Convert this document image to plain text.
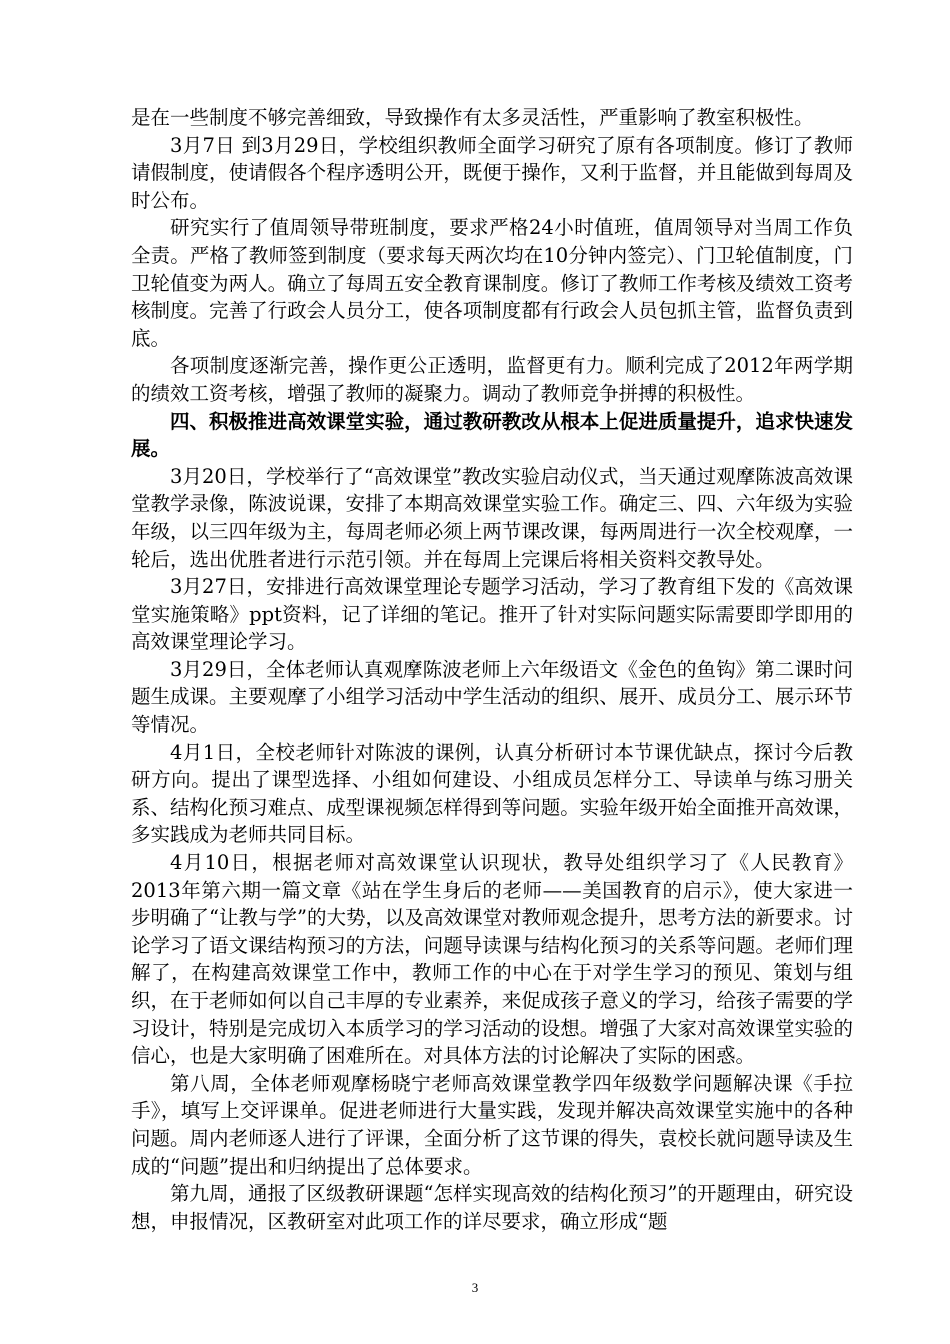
是在一些制度不够完善细致，导致操作有太多灵活性，严重影响了教室积极性。

3月7日 到3月29日，学校组织教师全面学习研究了原有各项制度。修订了教师请假制度，使请假各个程序透明公开，既便于操作，又利于监督，并且能做到每周及时公布。

研究实行了值周领导带班制度，要求严格24小时值班，值周领导对当周工作负全责。严格了教师签到制度（要求每天两次均在10分钟内签完）、门卫轮值制度，门卫轮值变为两人。确立了每周五安全教育课制度。修订了教师工作考核及绩效工资考核制度。完善了行政会人员分工，使各项制度都有行政会人员包抓主管，监督负责到底。

各项制度逐渐完善，操作更公正透明，监督更有力。顺利完成了2012年两学期的绩效工资考核，增强了教师的凝聚力。调动了教师竞争拼搏的积极性。

四、积极推进高效课堂实验，通过教研教改从根本上促进质量提升，追求快速发展。

3月20日，学校举行了“高效课堂”教改实验启动仪式，当天通过观摩陈波高效课堂教学录像，陈波说课，安排了本期高效课堂实验工作。确定三、四、六年级为实验年级，以三四年级为主，每周老师必须上两节课改课，每两周进行一次全校观摩，一轮后，选出优胜者进行示范引领。并在每周上完课后将相关资料交教导处。

3月27日，安排进行高效课堂理论专题学习活动，学习了教育组下发的《高效课堂实施策略》ppt资料，记了详细的笔记。推开了针对实际问题实际需要即学即用的高效课堂理论学习。

3月29日，全体老师认真观摩陈波老师上六年级语文《金色的鱼钩》第二课时问题生成课。主要观摩了小组学习活动中学生活动的组织、展开、成员分工、展示环节等情况。

4月1日，全校老师针对陈波的课例，认真分析研讨本节课优缺点，探讨今后教研方向。提出了课型选择、小组如何建设、小组成员怎样分工、导读单与练习册关系、结构化预习难点、成型课视频怎样得到等问题。实验年级开始全面推开高效课， 多实践成为老师共同目标。

4月10日，根据老师对高效课堂认识现状，教导处组织学习了《人民教育》2013年第六期一篇文章《站在学生身后的老师——美国教育的启示》，使大家进一步明确了“让教与学”的大势，以及高效课堂对教师观念提升，思考方法的新要求。讨论学习了语文课结构预习的方法，问题导读课与结构化预习的关系等问题。老师们理解了，在构建高效课堂工作中，教师工作的中心在于对学生学习的预见、策划与组织，在于老师如何以自己丰厚的专业素养，来促成孩子意义的学习，给孩子需要的学习设计，特别是完成切入本质学习的学习活动的设想。增强了大家对高效课堂实验的信心，也是大家明确了困难所在。对具体方法的讨论解决了实际的困惑。

第八周，全体老师观摩杨晓宁老师高效课堂教学四年级数学问题解决课《手拉手》，填写上交评课单。促进老师进行大量实践，发现并解决高效课堂实施中的各种问题。周内老师逐人进行了评课，全面分析了这节课的得失，袁校长就问题导读及生成的“问题”提出和归纳提出了总体要求。

第九周，通报了区级教研课题“怎样实现高效的结构化预习”的开题理由，研究设想，申报情况，区教研室对此项工作的详尽要求，确立形成“题

3
